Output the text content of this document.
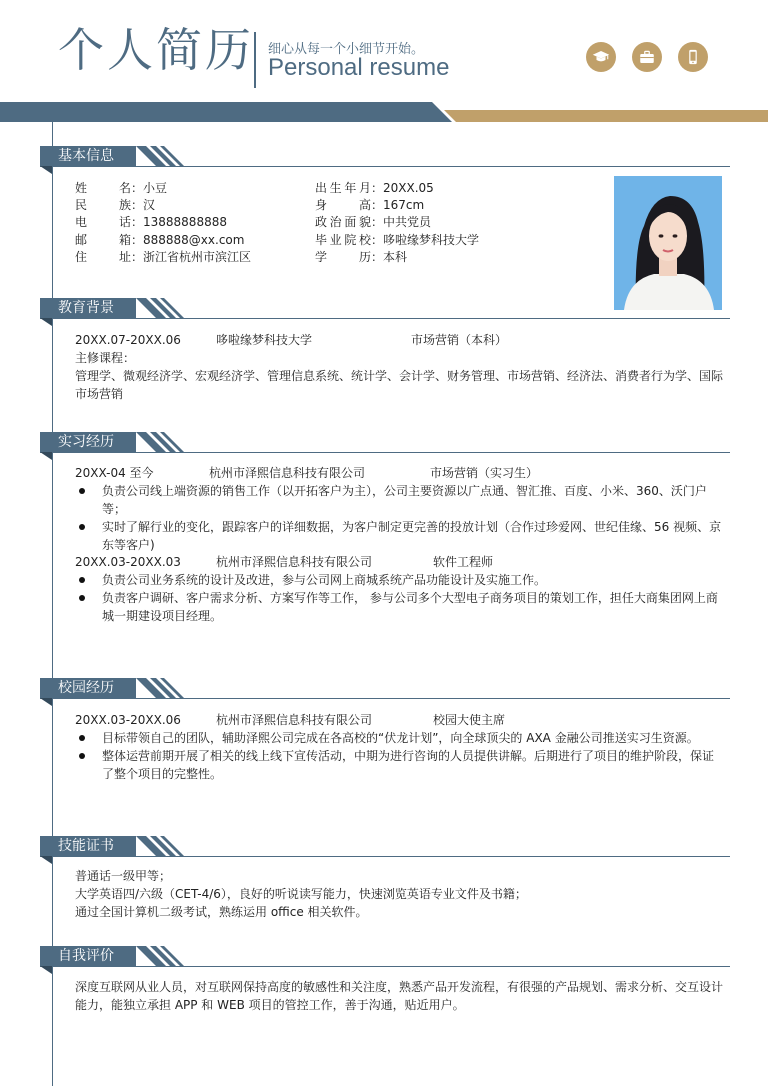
个人简历 细心从每一个小细节开始。
Personal resume
基本信息
姓　　名：小豆
民　　族：汉
电　　话：13888888888
邮　　箱：888888@xx.com
住　　址：浙江省杭州市滨江区
出生年月：20XX.05
身　　高：167cm
政治面貌：中共党员
毕业院校：哆啦缘梦科技大学
学　　历：本科
教育背景
20XX.07-20XX.06	哆啦缘梦科技大学	市场营销（本科）
主修课程：
管理学、微观经济学、宏观经济学、管理信息系统、统计学、会计学、财务管理、市场营销、经济法、消费者行为学、国际市场营销
实习经历
20XX-04 至今	杭州市泽熙信息科技有限公司	市场营销（实习生）
负责公司线上端资源的销售工作（以开拓客户为主），公司主要资源以广点通、智汇推、百度、小米、360、沃门户等；
实时了解行业的变化，跟踪客户的详细数据，为客户制定更完善的投放计划（合作过珍爱网、世纪佳缘、56 视频、京东等客户)
20XX.03-20XX.03	杭州市泽熙信息科技有限公司	软件工程师
负责公司业务系统的设计及改进，参与公司网上商城系统产品功能设计及实施工作。
负责客户调研、客户需求分析、方案写作等工作， 参与公司多个大型电子商务项目的策划工作，担任大商集团网上商城一期建设项目经理。
校园经历
20XX.03-20XX.06	杭州市泽熙信息科技有限公司	校园大使主席
目标带领自己的团队，辅助泽熙公司完成在各高校的“伏龙计划”，向全球顶尖的 AXA 金融公司推送实习生资源。
整体运营前期开展了相关的线上线下宣传活动，中期为进行咨询的人员提供讲解。后期进行了项目的维护阶段，保证了整个项目的完整性。
技能证书
普通话一级甲等；
大学英语四/六级（CET-4/6），良好的听说读写能力，快速浏览英语专业文件及书籍；
通过全国计算机二级考试，熟练运用 office 相关软件。
自我评价
深度互联网从业人员，对互联网保持高度的敏感性和关注度，熟悉产品开发流程，有很强的产品规划、需求分析、交互设计能力，能独立承担 APP 和 WEB 项目的管控工作，善于沟通，贴近用户。
